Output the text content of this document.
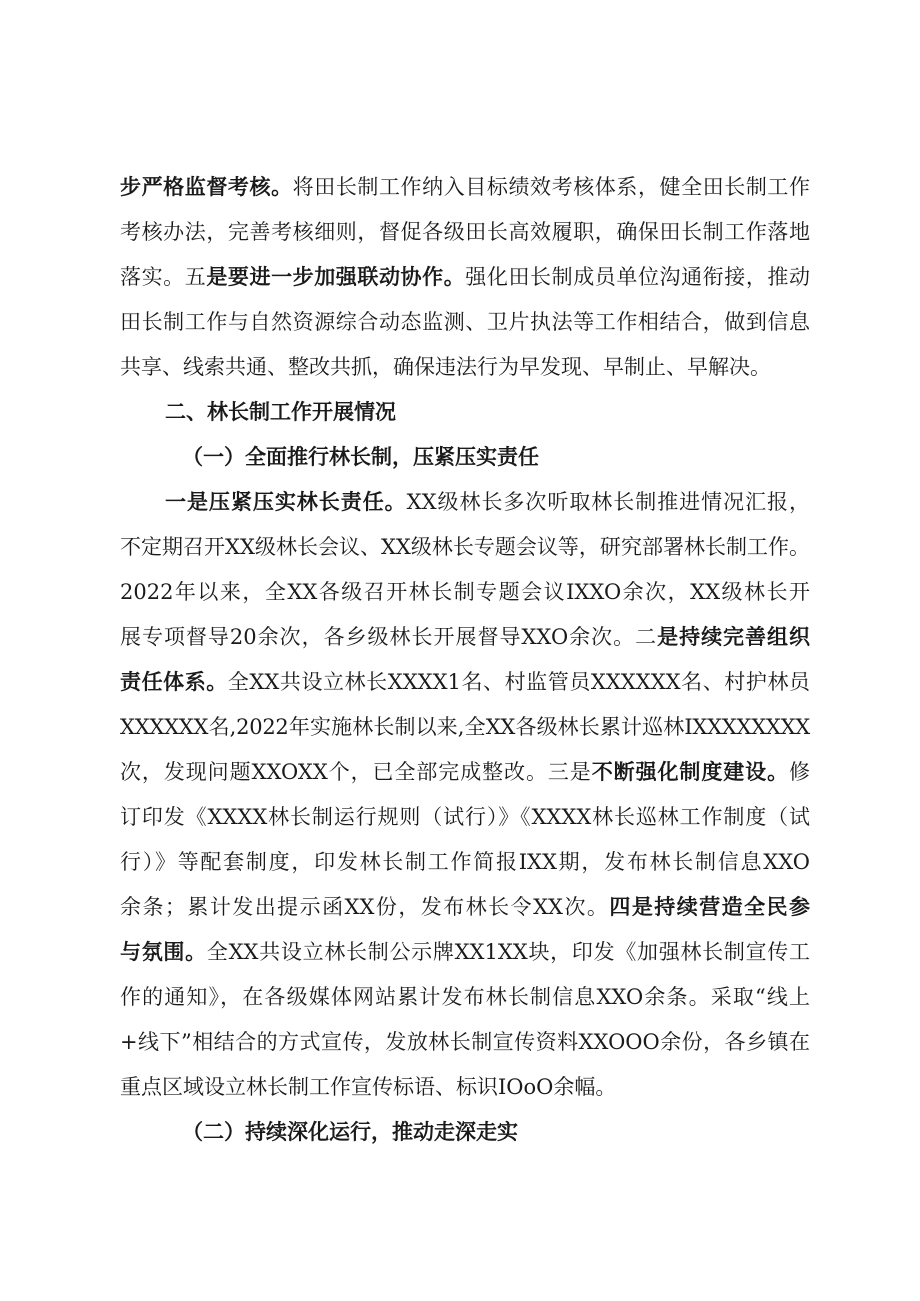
步严格监督考核。将田长制工作纳入目标绩效考核体系，健全田长制工作
考核办法，完善考核细则，督促各级田长高效履职，确保田长制工作落地
落实。五是要进一步加强联动协作。强化田长制成员单位沟通衔接，推动
田长制工作与自然资源综合动态监测、卫片执法等工作相结合，做到信息
共享、线索共通、整改共抓，确保违法行为早发现、早制止、早解决。
二、林长制工作开展情况
（一）全面推行林长制，压紧压实责任
一是压紧压实林长责任。XX级林长多次听取林长制推进情况汇报，
不定期召开XX级林长会议、XX级林长专题会议等，研究部署林长制工作。
2022年以来，全XX各级召开林长制专题会议IXXO余次，XX级林长开
展专项督导20余次，各乡级林长开展督导XXO余次。二是持续完善组织
责任体系。全XX共设立林长XXXX1名、村监管员XXXXXX名、村护林员
XXXXXX名,2022年实施林长制以来,全XX各级林长累计巡林IXXXXXXXX
次，发现问题XXOXX个，已全部完成整改。三是不断强化制度建设。修
订印发《XXXX林长制运行规则（试行）》《XXXX林长巡林工作制度（试
行）》等配套制度，印发林长制工作简报IXX期，发布林长制信息XXO
余条；累计发出提示函XX份，发布林长令XX次。四是持续营造全民参
与氛围。全XX共设立林长制公示牌XX1XX块，印发《加强林长制宣传工
作的通知》，在各级媒体网站累计发布林长制信息XXO余条。采取“线上
+线下”相结合的方式宣传，发放林长制宣传资料XXOOO余份，各乡镇在
重点区域设立林长制工作宣传标语、标识IOoO余幅。
（二）持续深化运行，推动走深走实
